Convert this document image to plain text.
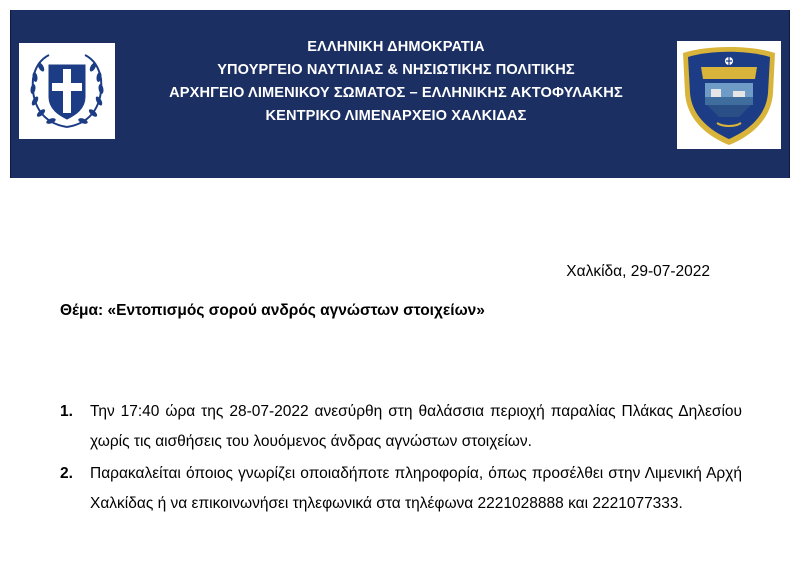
ΕΛΛΗΝΙΚΗ ΔΗΜΟΚΡΑΤΙΑ
ΥΠΟΥΡΓΕΙΟ ΝΑΥΤΙΛΙΑΣ & ΝΗΣΙΩΤΙΚΗΣ ΠΟΛΙΤΙΚΗΣ
ΑΡΧΗΓΕΙΟ ΛΙΜΕΝΙΚΟΥ ΣΩΜΑΤΟΣ – ΕΛΛΗΝΙΚΗΣ ΑΚΤΟΦΥΛΑΚΗΣ
ΚΕΝΤΡΙΚΟ ΛΙΜΕΝΑΡΧΕΙΟ ΧΑΛΚΙΔΑΣ
Χαλκίδα, 29-07-2022
Θέμα: «Εντοπισμός σορού ανδρός αγνώστων στοιχείων»
1. Την 17:40 ώρα της 28-07-2022 ανεσύρθη στη θαλάσσια περιοχή παραλίας Πλάκας Δηλεσίου χωρίς τις αισθήσεις του λουόμενος άνδρας αγνώστων στοιχείων.
2. Παρακαλείται όποιος γνωρίζει οποιαδήποτε πληροφορία, όπως προσέλθει στην Λιμενική Αρχή Χαλκίδας ή να επικοινωνήσει τηλεφωνικά στα τηλέφωνα 2221028888 και 2221077333.
